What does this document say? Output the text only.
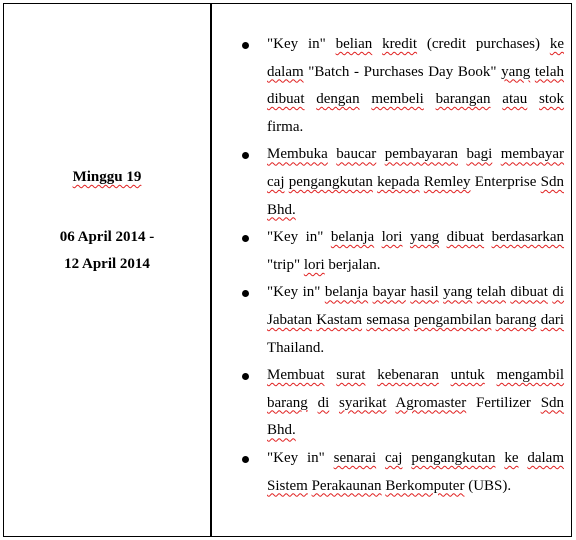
Minggu 19
06 April 2014 -
12 April 2014
"Key in" belian kredit (credit purchases) ke dalam "Batch - Purchases Day Book" yang telah dibuat dengan membeli barangan atau stok firma.
Membuka baucar pembayaran bagi membayar caj pengangkutan kepada Remley Enterprise Sdn Bhd.
"Key in" belanja lori yang dibuat berdasarkan "trip" lori berjalan.
"Key in" belanja bayar hasil yang telah dibuat di Jabatan Kastam semasa pengambilan barang dari Thailand.
Membuat surat kebenaran untuk mengambil barang di syarikat Agromaster Fertilizer Sdn Bhd.
"Key in" senarai caj pengangkutan ke dalam Sistem Perakaunan Berkomputer (UBS).
